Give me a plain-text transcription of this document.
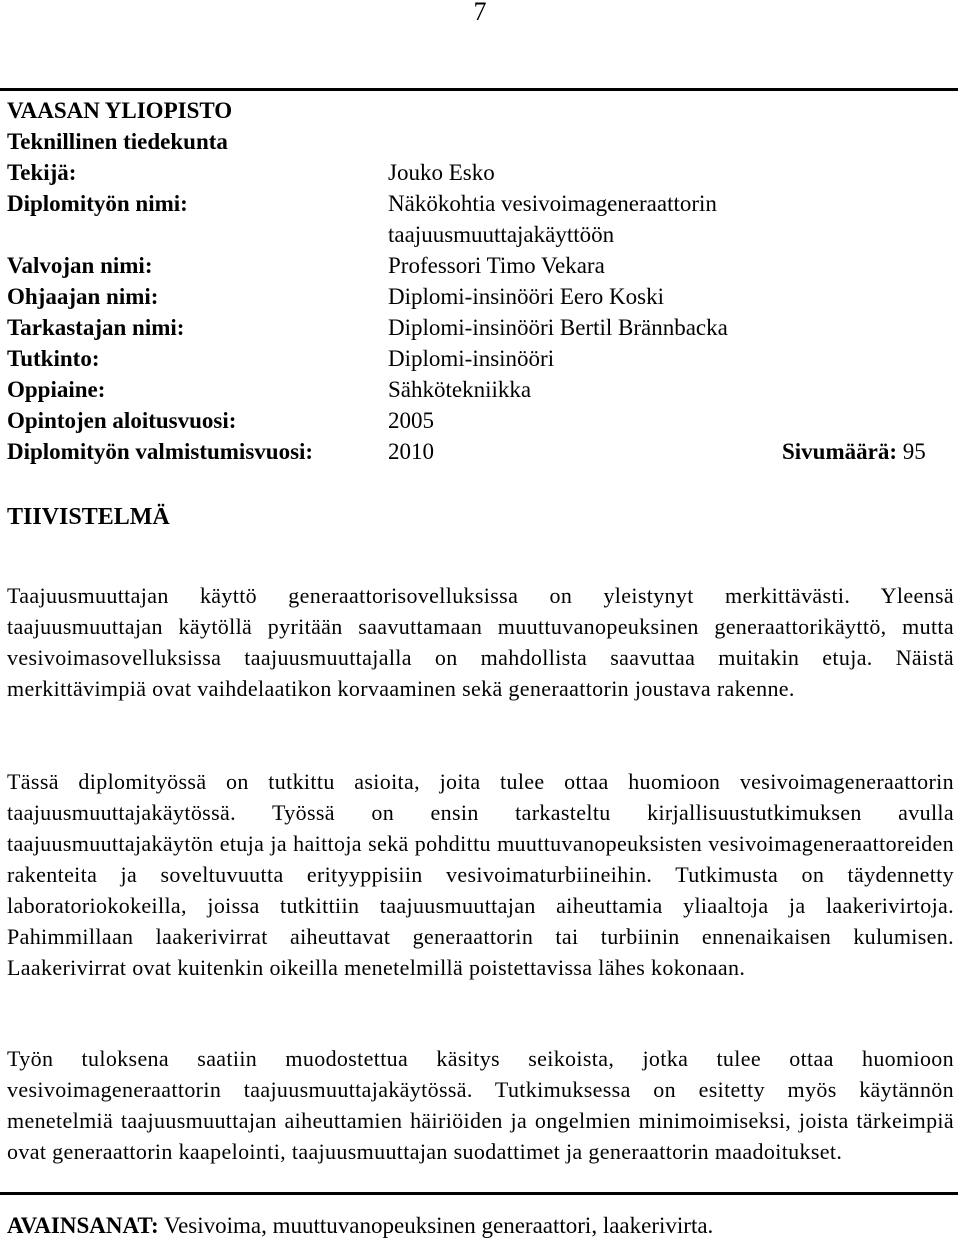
7
VAASAN YLIOPISTO
Teknillinen tiedekunta
Tekijä:	Jouko Esko
Diplomityön nimi:	Näkökohtia vesivoimageneraattorin
taajuusmuuttajakäyttöön
Valvojan nimi:	Professori Timo Vekara
Ohjaajan nimi:	Diplomi-insinööri Eero Koski
Tarkastajan nimi:	Diplomi-insinööri Bertil Brännbacka
Tutkinto:	Diplomi-insinööri
Oppiaine:	Sähkötekniikka
Opintojen aloitusvuosi:	2005
Diplomityön valmistumisvuosi:	2010	Sivumäärä: 95
TIIVISTELMÄ

Taajuusmuuttajan käyttö generaattorisovelluksissa on yleistynyt merkittävästi. Yleensä taajuusmuuttajan käytöllä pyritään saavuttamaan muuttuvanopeuksinen generaattorikäyttö, mutta vesivoimasovelluksissa taajuusmuuttajalla on mahdollista saavuttaa muitakin etuja. Näistä merkittävimpiä ovat vaihdelaatikon korvaaminen sekä generaattorin joustava rakenne.

Tässä diplomityössä on tutkittu asioita, joita tulee ottaa huomioon vesivoimageneraattorin taajuusmuuttajakäytössä. Työssä on ensin tarkasteltu kirjallisuustutkimuksen avulla taajuusmuuttajakäytön etuja ja haittoja sekä pohdittu muuttuvanopeuksisten vesivoimageneraattoreiden rakenteita ja soveltuvuutta erityyppisiin vesivoimaturbiineihin. Tutkimusta on täydennetty laboratoriokokeilla, joissa tutkittiin taajuusmuuttajan aiheuttamia yliaaltoja ja laakerivirtoja. Pahimmillaan laakerivirrat aiheuttavat generaattorin tai turbiinin ennenaikaisen kulumisen. Laakerivirrat ovat kuitenkin oikeilla menetelmillä poistettavissa lähes kokonaan.

Työn tuloksena saatiin muodostettua käsitys seikoista, jotka tulee ottaa huomioon vesivoimageneraattorin taajuusmuuttajakäytössä. Tutkimuksessa on esitetty myös käytännön menetelmiä taajuusmuuttajan aiheuttamien häiriöiden ja ongelmien minimoimiseksi, joista tärkeimpiä ovat generaattorin kaapelointi, taajuusmuuttajan suodattimet ja generaattorin maadoitukset.

AVAINSANAT: Vesivoima, muuttuvanopeuksinen generaattori, laakerivirta.
